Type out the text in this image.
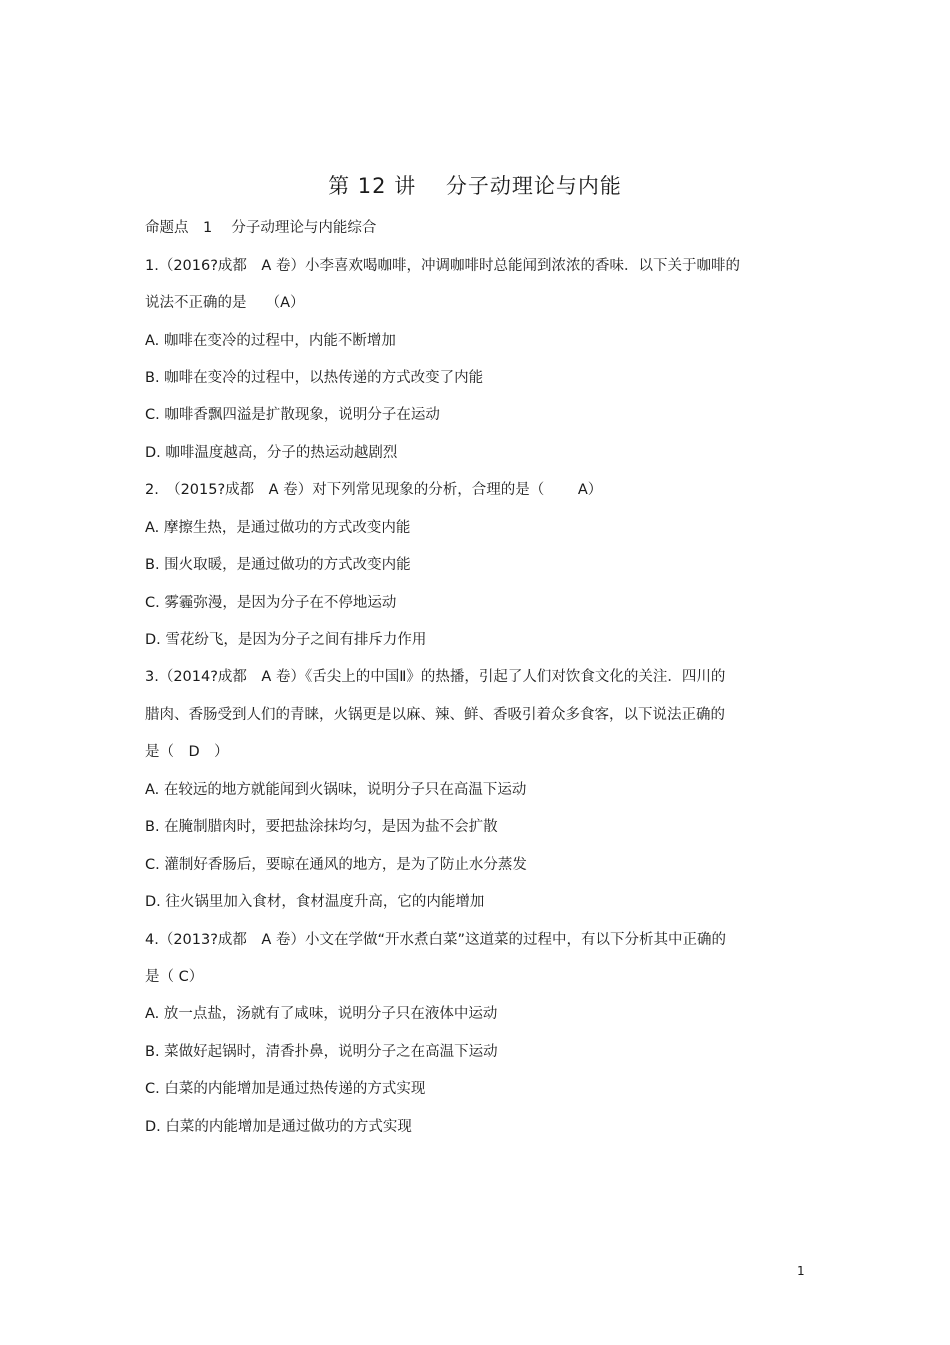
第 12 讲　 分子动理论与内能
命题点　1　 分子动理论与内能综合
1.（2016?成都　A 卷）小李喜欢喝咖啡，冲调咖啡时总能闻到浓浓的香味．以下关于咖啡的
说法不正确的是　 （A）
A. 咖啡在变冷的过程中，内能不断增加
B. 咖啡在变冷的过程中，以热传递的方式改变了内能
C. 咖啡香飘四溢是扩散现象，说明分子在运动
D. 咖啡温度越高，分子的热运动越剧烈
2.　（2015?成都　A 卷）对下列常见现象的分析，合理的是（　　 A）
A. 摩擦生热，是通过做功的方式改变内能
B. 围火取暖，是通过做功的方式改变内能
C. 雾霾弥漫，是因为分子在不停地运动
D. 雪花纷飞，是因为分子之间有排斥力作用
3.（2014?成都　A 卷）《舌尖上的中国Ⅱ》的热播，引起了人们对饮食文化的关注．四川的
腊肉、香肠受到人们的青睐，火锅更是以麻、辣、鲜、香吸引着众多食客，以下说法正确的
是（　D　）
A. 在较远的地方就能闻到火锅味，说明分子只在高温下运动
B. 在腌制腊肉时，要把盐涂抹均匀，是因为盐不会扩散
C. 灌制好香肠后，要晾在通风的地方，是为了防止水分蒸发
D. 往火锅里加入食材，食材温度升高，它的内能增加
4.（2013?成都　A 卷）小文在学做“开水煮白菜”这道菜的过程中，有以下分析其中正确的
是（ C）
A. 放一点盐，汤就有了咸味，说明分子只在液体中运动
B. 菜做好起锅时，清香扑鼻，说明分子之在高温下运动
C. 白菜的内能增加是通过热传递的方式实现
D. 白菜的内能增加是通过做功的方式实现
1
